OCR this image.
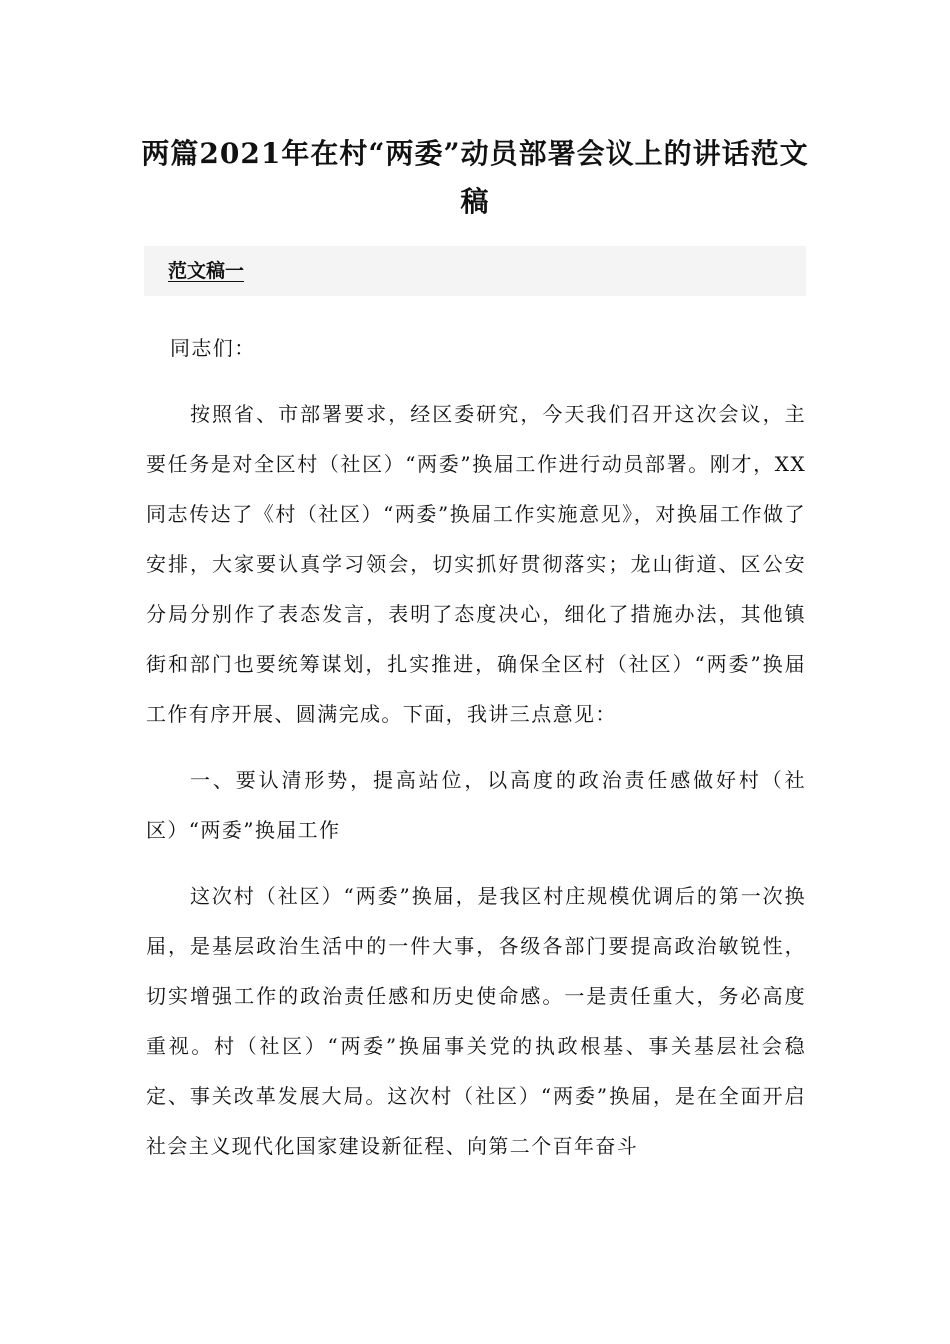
两篇2021年在村“两委”动员部署会议上的讲话范文稿
范文稿一

同志们：

按照省、市部署要求，经区委研究，今天我们召开这次会议，主要任务是对全区村（社区）“两委”换届工作进行动员部署。刚才，XX同志传达了《村（社区）“两委”换届工作实施意见》，对换届工作做了安排，大家要认真学习领会，切实抓好贯彻落实；龙山街道、区公安分局分别作了表态发言，表明了态度决心，细化了措施办法，其他镇街和部门也要统筹谋划，扎实推进，确保全区村（社区）“两委”换届工作有序开展、圆满完成。下面，我讲三点意见：

一、要认清形势，提高站位，以高度的政治责任感做好村（社区）“两委”换届工作

这次村（社区）“两委”换届，是我区村庄规模优调后的第一次换届，是基层政治生活中的一件大事，各级各部门要提高政治敏锐性，切实增强工作的政治责任感和历史使命感。一是责任重大，务必高度重视。村（社区）“两委”换届事关党的执政根基、事关基层社会稳定、事关改革发展大局。这次村（社区）“两委”换届，是在全面开启社会主义现代化国家建设新征程、向第二个百年奋斗
